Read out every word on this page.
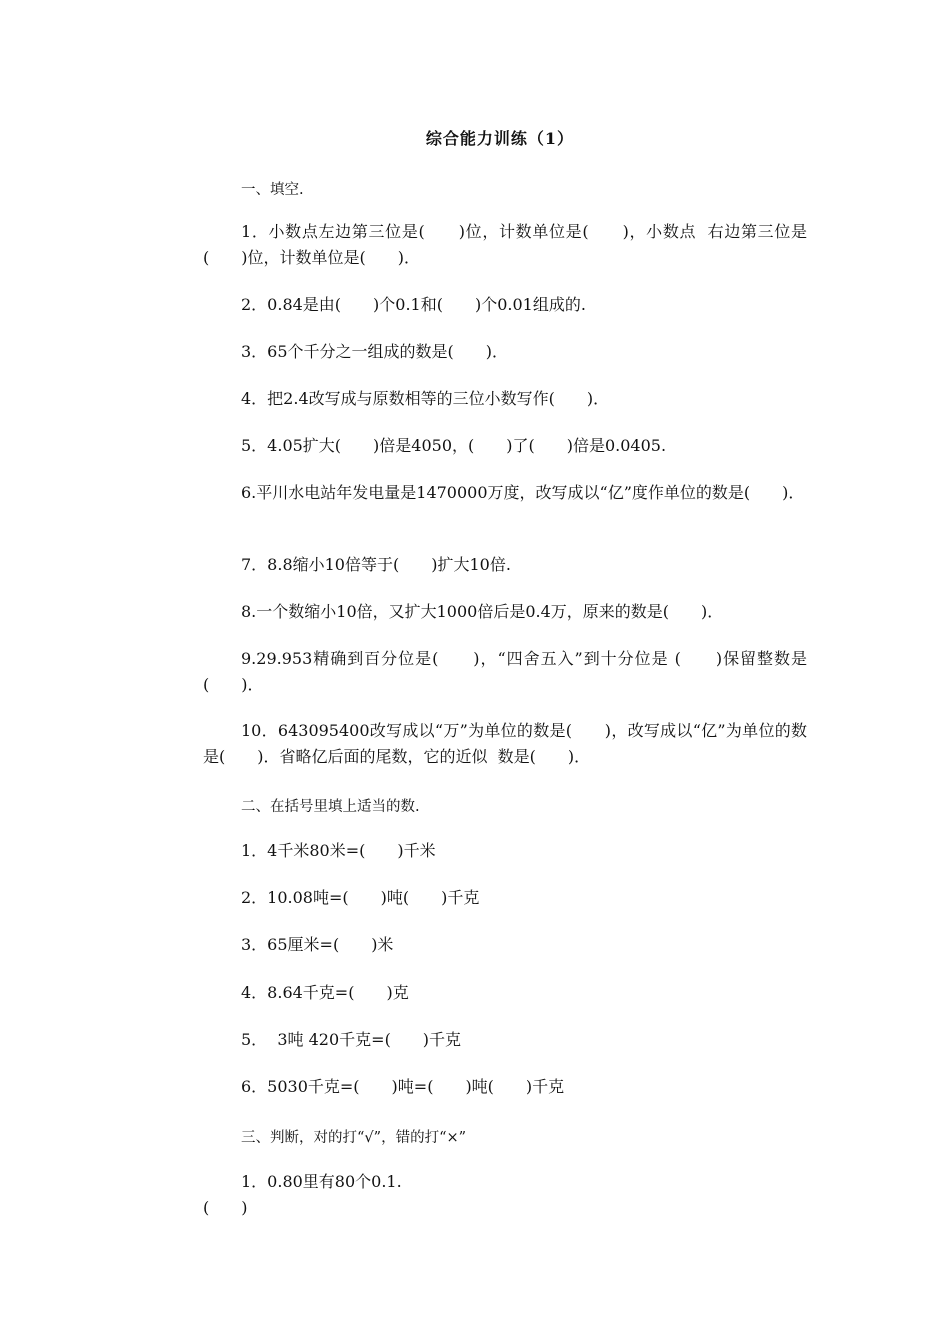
综合能力训练（1）
一、填空.
1．小数点左边第三位是(　　)位，计数单位是(　　)，小数点  右边第三位是(　　)位，计数单位是(　　)．
2．0.84是由(　　)个0.1和(　　)个0.01组成的.
3．65个千分之一组成的数是(　　)．
4．把2.4改写成与原数相等的三位小数写作(　　)．
5．4.05扩大(　　)倍是4050，(　　)了(　　)倍是0.0405.
6.平川水电站年发电量是1470000万度，改写成以“亿”度作单位的数是(　　)．
7．8.8缩小10倍等于(　　)扩大10倍.
8.一个数缩小10倍，又扩大1000倍后是0.4万，原来的数是(　　)．
9.29.953精确到百分位是(　　)，“四舍五入”到十分位是 (　　)保留整数是(　　)．
10．643095400改写成以“万”为单位的数是(　　)，改写成以“亿”为单位的数是(　　)．省略亿后面的尾数，它的近似  数是(　　)．
二、在括号里填上适当的数.
1．4千米80米=(　　)千米
2．10.08吨=(　　)吨(　　)千克
3．65厘米=(　　)米
4．8.64千克=(　　)克
5．  3吨 420千克=(　　)千克
6．5030千克=(　　)吨=(　　)吨(　　)千克
三、判断，对的打“√”，错的打“×”
1．0.80里有80个0.1.
(　　)
